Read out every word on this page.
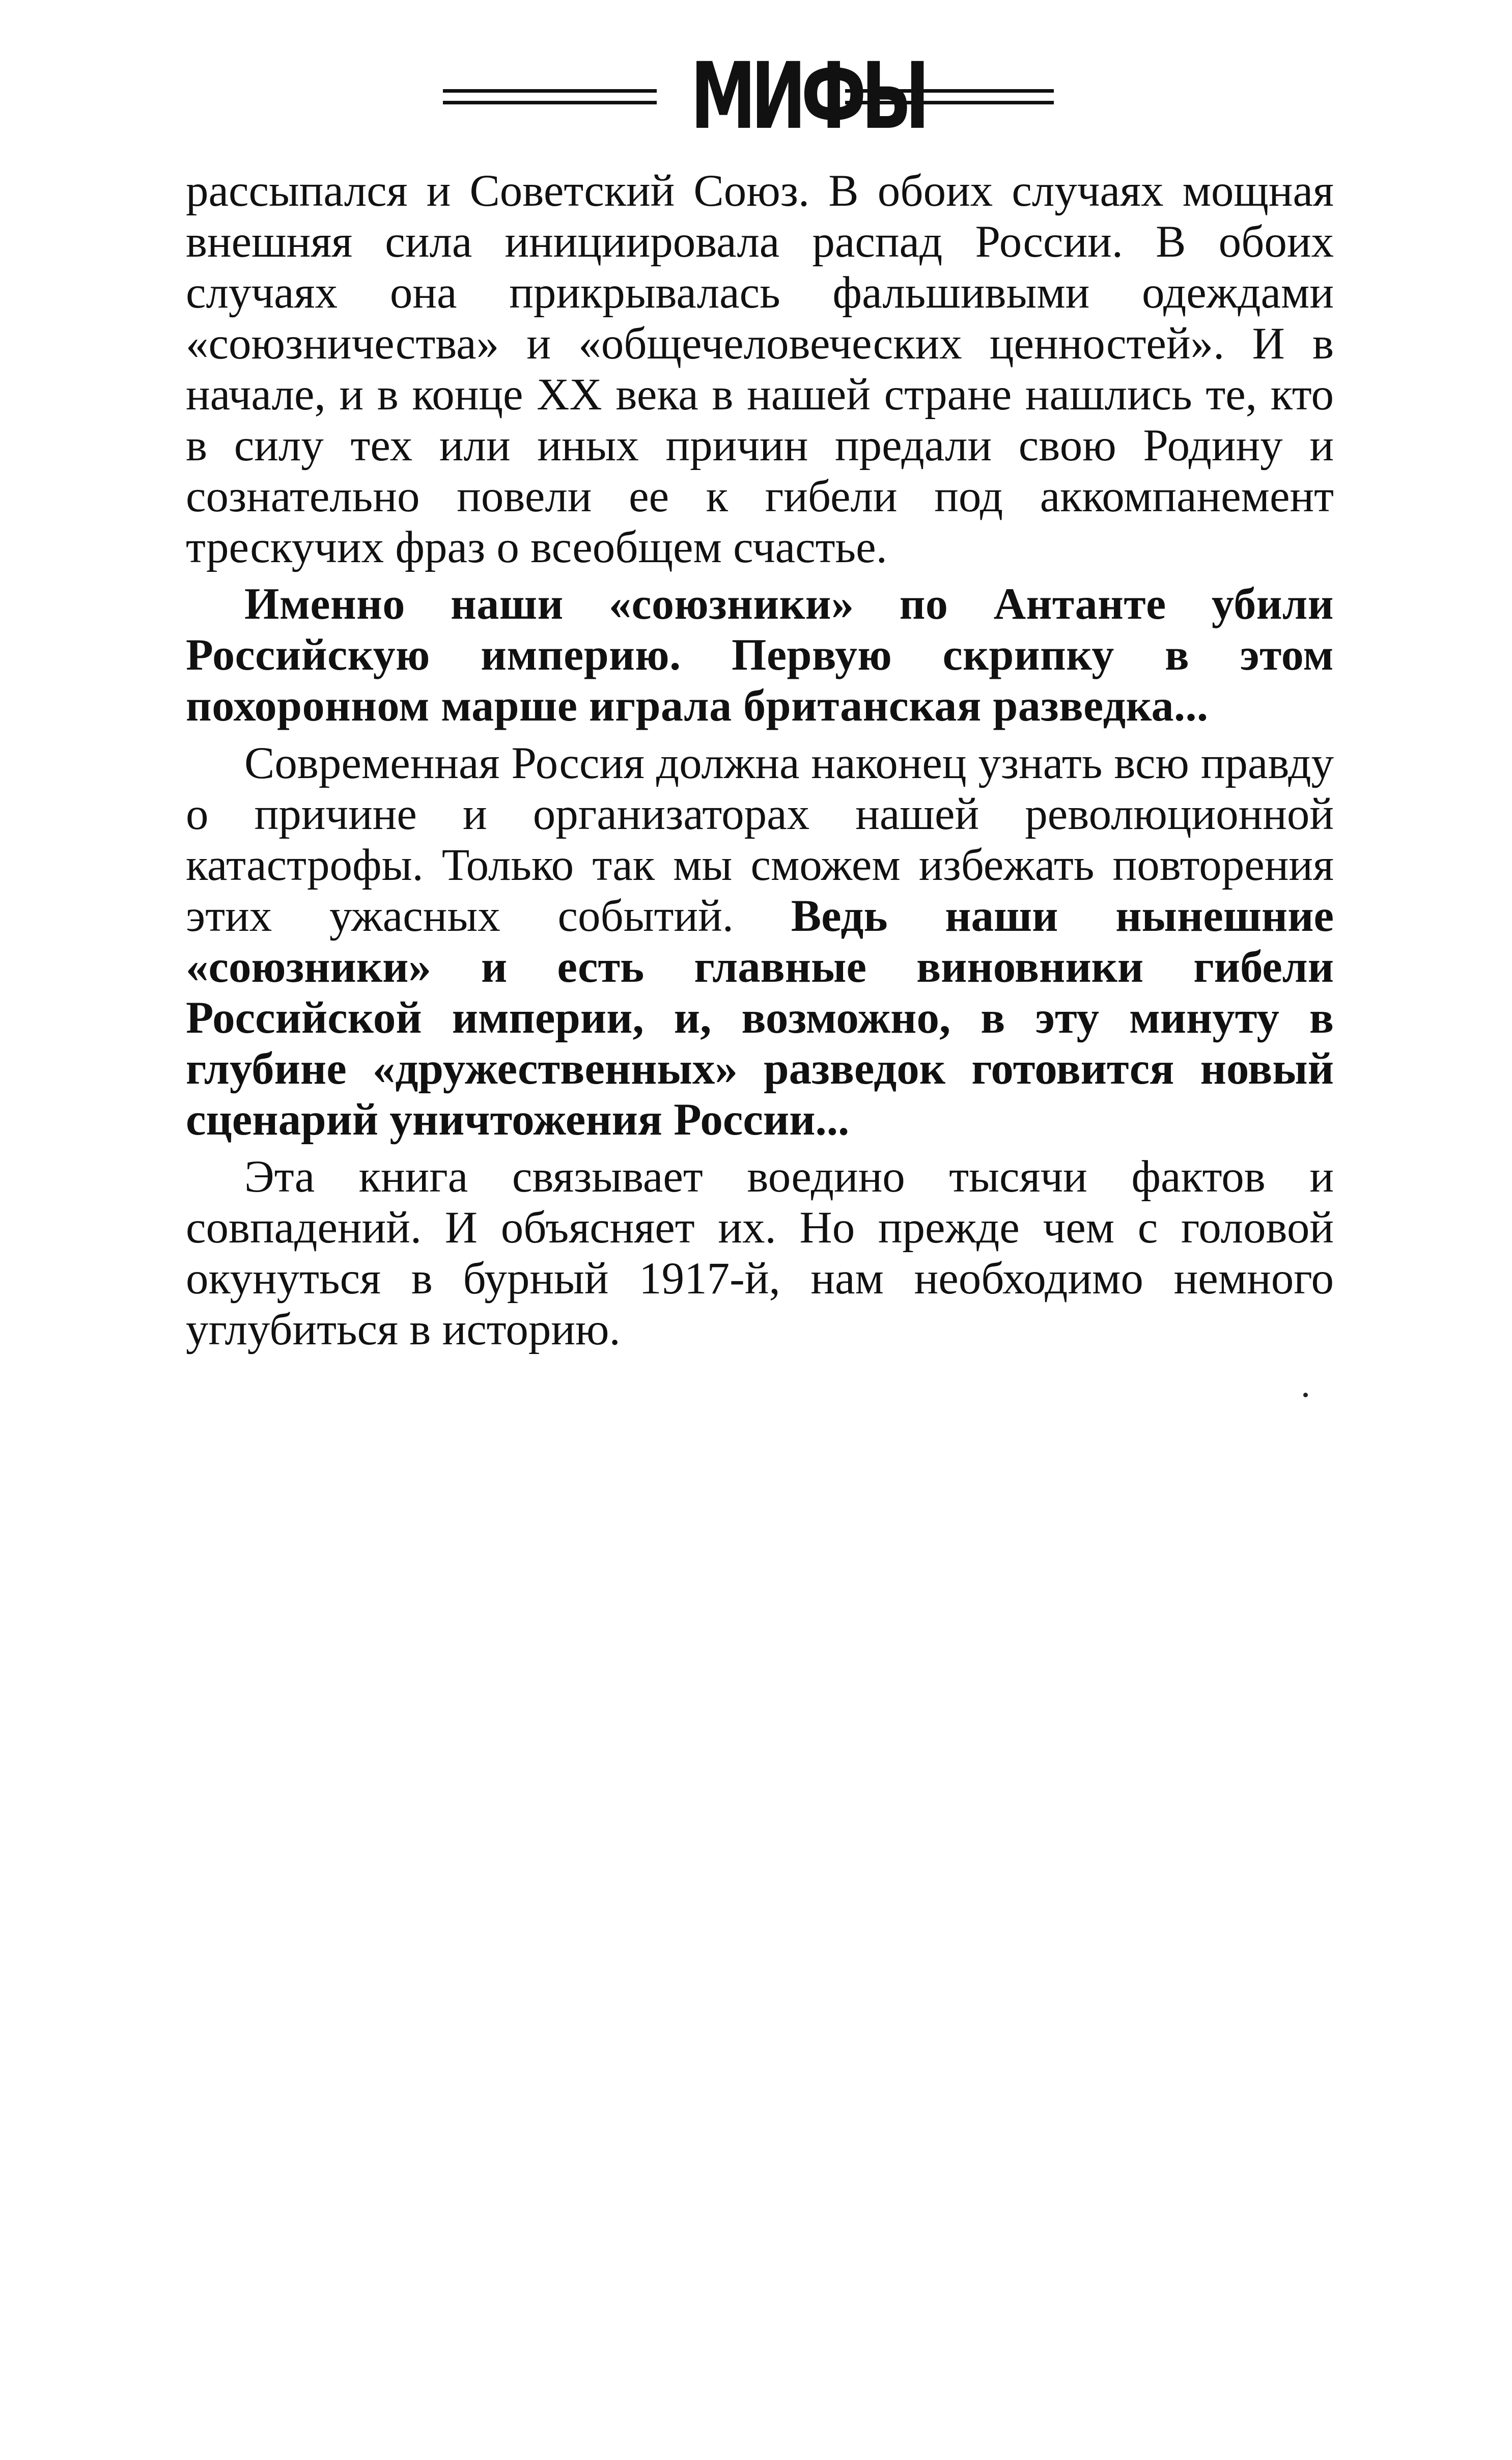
МИФЫ

рассыпался и Советский Союз. В обоих случаях мощная внешняя сила инициировала распад России. В обоих случаях она прикрывалась фальшивыми одеждами «союзничества» и «общечеловеческих ценностей». И в начале, и в конце XX века в нашей стране нашлись те, кто в силу тех или иных причин предали свою Родину и сознательно повели ее к гибели под аккомпанемент трескучих фраз о всеобщем счастье.

Именно наши «союзники» по Антанте убили Российскую империю. Первую скрипку в этом похоронном марше играла британская разведка...

Современная Россия должна наконец узнать всю правду о причине и организаторах нашей революционной катастрофы. Только так мы сможем избежать повторения этих ужасных событий. Ведь наши нынешние «союзники» и есть главные виновники гибели Российской империи, и, возможно, в эту минуту в глубине «дружественных» разведок готовится новый сценарий уничтожения России...

Эта книга связывает воедино тысячи фактов и совпадений. И объясняет их. Но прежде чем с головой окунуться в бурный 1917-й, нам необходимо немного углубиться в историю.
